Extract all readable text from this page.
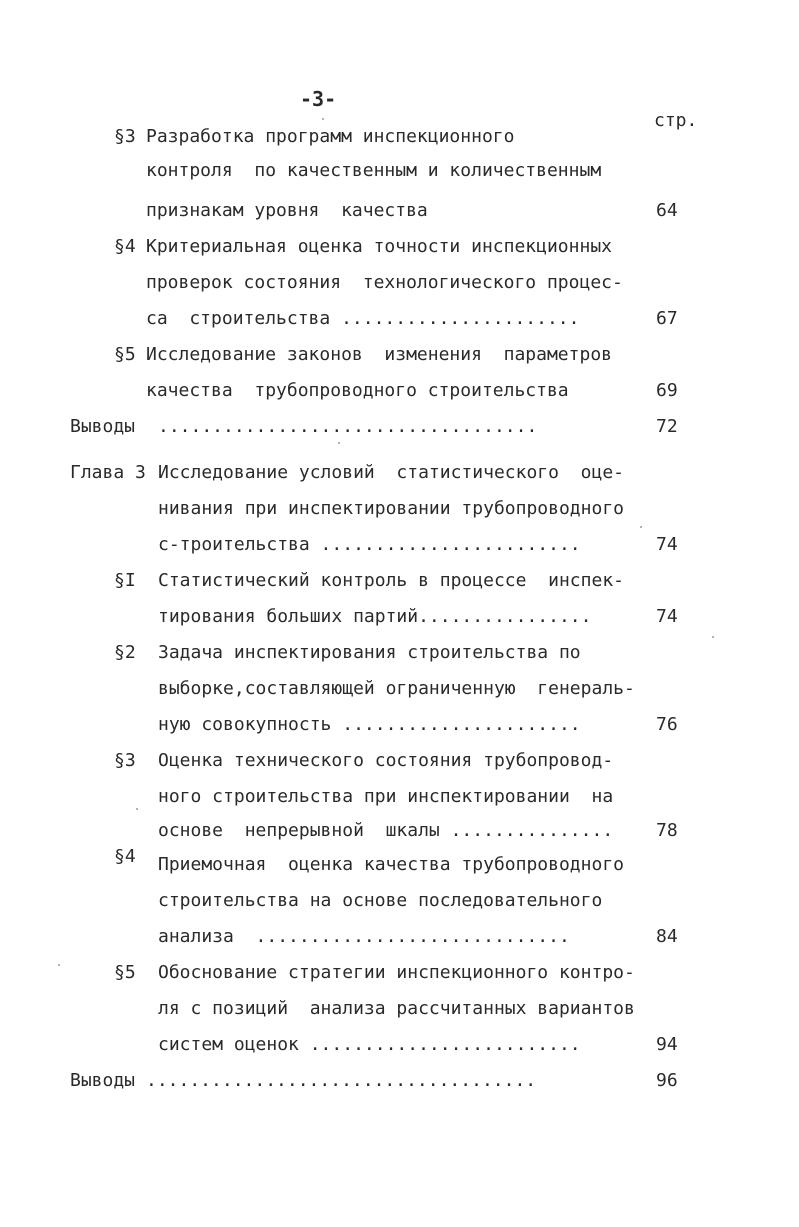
-3-
стр.
§3 Разработка программ инспекционного
контроля  по качественным и количественным
признакам уровня  качества	64
§4 Критериальная оценка точности инспекционных
проверок состояния  технологического процес-
са  строительства ......................	67
§5 Исследование законов  изменения  параметров
качества  трубопроводного строительства	69
Выводы ...................................	72
Глава 3 Исследование условий  статистического  оце-
нивания при инспектировании трубопроводного
с-троительства ........................	74
§I Статистический контроль в процессе  инспек-
тирования больших партий................	74
§2 Задача инспектирования строительства по
выборке,составляющей ограниченную  генераль-
ную совокупность ......................	76
§3 Оценка технического состояния трубопровод-
ного строительства при инспектировании  на
основе  непрерывной  шкалы ............... 78
§4 Приемочная  оценка качества трубопроводного
строительства на основе последовательного
анализа  .............................	84
§5 Обоснование стратегии инспекционного контро-
ля с позиций  анализа рассчитанных вариантов
систем оценок .........................	94
Выводы ....................................	96
